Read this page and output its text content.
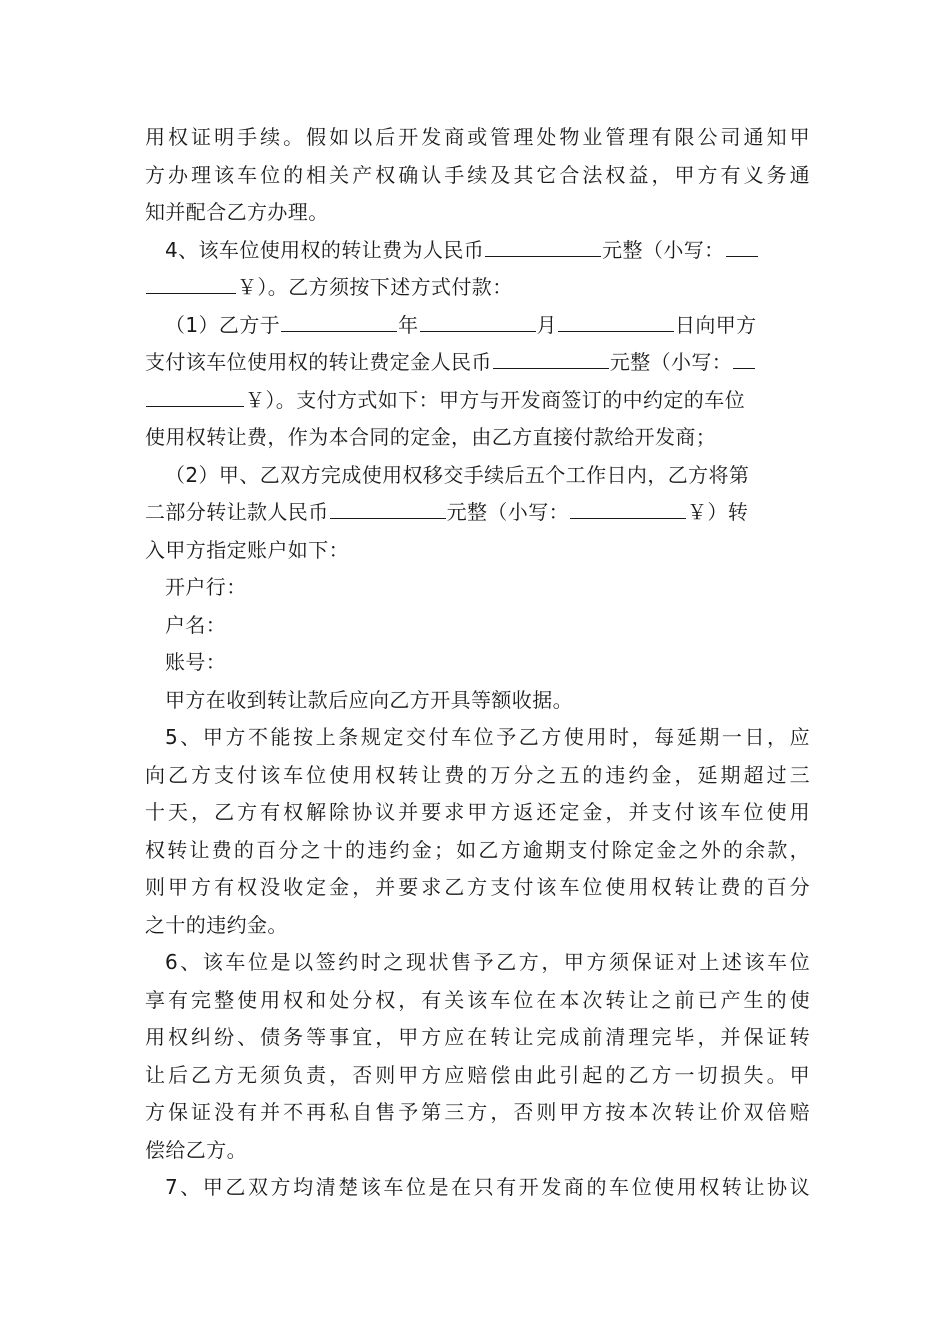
用权证明手续。假如以后开发商或管理处物业管理有限公司通知甲
方办理该车位的相关产权确认手续及其它合法权益，甲方有义务通
知并配合乙方办理。
4、该车位使用权的转让费为人民币	元整（小写：
￥）。乙方须按下述方式付款：
（1）乙方于	年	月	日向甲方
支付该车位使用权的转让费定金人民币	元整（小写：
￥）。支付方式如下：甲方与开发商签订的中约定的车位
使用权转让费，作为本合同的定金，由乙方直接付款给开发商；
（2）甲、乙双方完成使用权移交手续后五个工作日内，乙方将第
二部分转让款人民币	元整（小写：	￥）转
入甲方指定账户如下：
开户行：
户名：
账号：
甲方在收到转让款后应向乙方开具等额收据。
5、甲方不能按上条规定交付车位予乙方使用时，每延期一日，应
向乙方支付该车位使用权转让费的万分之五的违约金，延期超过三
十天，乙方有权解除协议并要求甲方返还定金，并支付该车位使用
权转让费的百分之十的违约金；如乙方逾期支付除定金之外的余款，
则甲方有权没收定金，并要求乙方支付该车位使用权转让费的百分
之十的违约金。
6、该车位是以签约时之现状售予乙方，甲方须保证对上述该车位
享有完整使用权和处分权，有关该车位在本次转让之前已产生的使
用权纠纷、债务等事宜，甲方应在转让完成前清理完毕，并保证转
让后乙方无须负责，否则甲方应赔偿由此引起的乙方一切损失。甲
方保证没有并不再私自售予第三方，否则甲方按本次转让价双倍赔
偿给乙方。
7、甲乙双方均清楚该车位是在只有开发商的车位使用权转让协议
